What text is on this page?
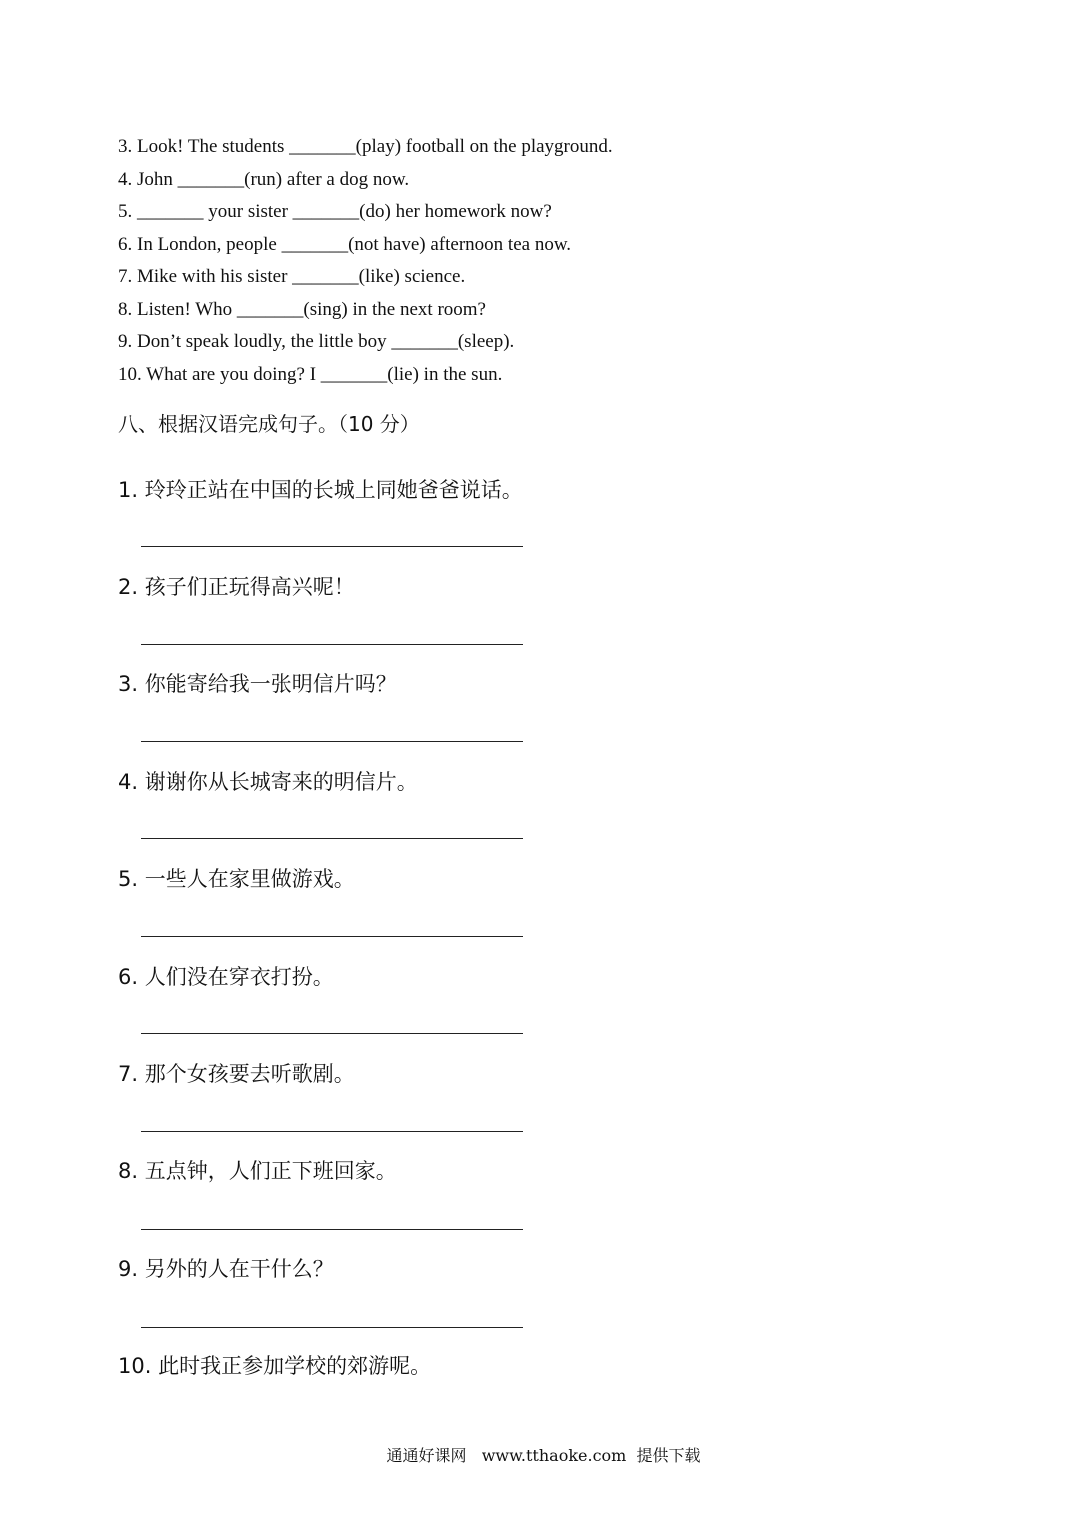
3. Look! The students _______(play) football on the playground.
4. John _______(run) after a dog now.
5. _______ your sister _______(do) her homework now?
6. In London, people _______(not have) afternoon tea now.
7. Mike with his sister _______(like) science.
8. Listen! Who _______(sing) in the next room?
9. Don’t speak loudly, the little boy _______(sleep).
10. What are you doing? I _______(lie) in the sun.
八、根据汉语完成句子。（10 分）
1. 玲玲正站在中国的长城上同她爸爸说话。
2. 孩子们正玩得高兴呢！
3. 你能寄给我一张明信片吗？
4. 谢谢你从长城寄来的明信片。
5. 一些人在家里做游戏。
6. 人们没在穿衣打扮。
7. 那个女孩要去听歌剧。
8. 五点钟，人们正下班回家。
9. 另外的人在干什么？
10. 此时我正参加学校的郊游呢。
通通好课网   www.tthaoke.com  提供下载
